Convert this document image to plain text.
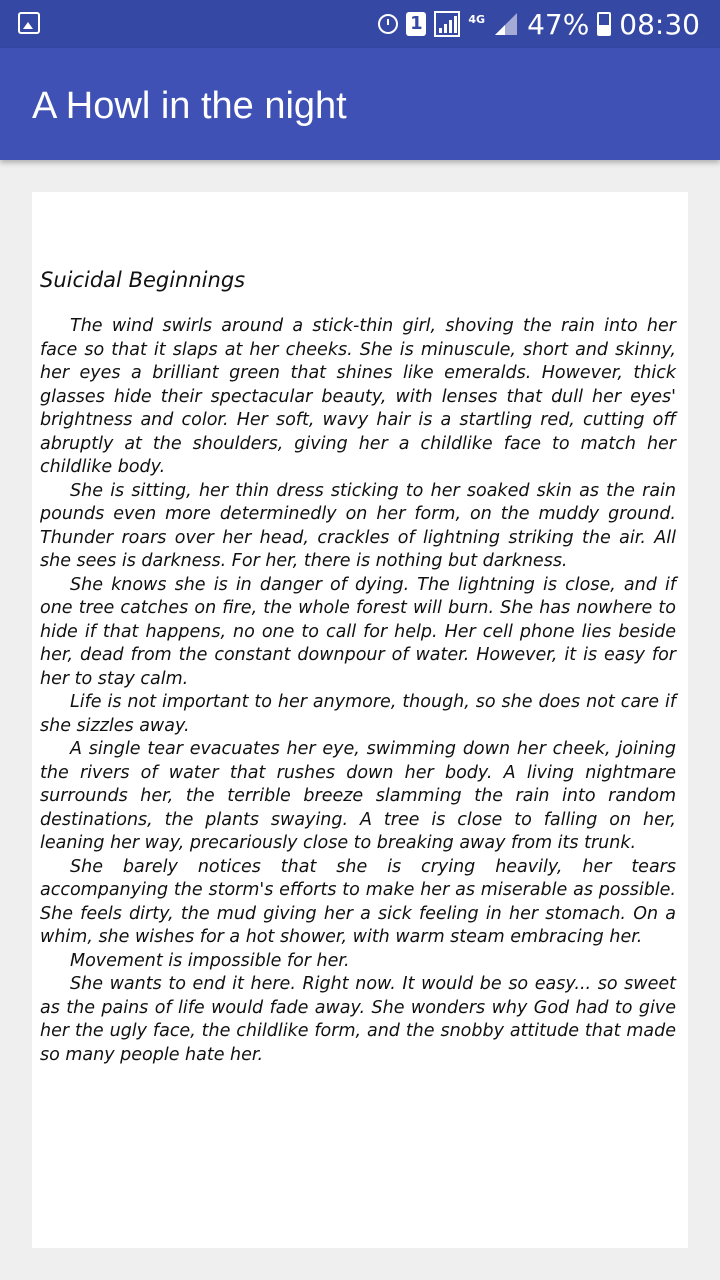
1	4G 47% 08:30
A Howl in the night
Suicidal Beginnings

The wind swirls around a stick-thin girl, shoving the rain into her face so that it slaps at her cheeks. She is minuscule, short and skinny, her eyes a brilliant green that shines like emeralds. However, thick glasses hide their spectacular beauty, with lenses that dull her eyes' brightness and color. Her soft, wavy hair is a startling red, cutting off abruptly at the shoulders, giving her a childlike face to match her childlike body.

She is sitting, her thin dress sticking to her soaked skin as the rain pounds even more determinedly on her form, on the muddy ground. Thunder roars over her head, crackles of lightning striking the air. All she sees is darkness. For her, there is nothing but darkness.

She knows she is in danger of dying. The lightning is close, and if one tree catches on fire, the whole forest will burn. She has nowhere to hide if that happens, no one to call for help. Her cell phone lies beside her, dead from the constant downpour of water. However, it is easy for her to stay calm.

Life is not important to her anymore, though, so she does not care if she sizzles away.

A single tear evacuates her eye, swimming down her cheek, joining the rivers of water that rushes down her body. A living nightmare surrounds her, the terrible breeze slamming the rain into random destinations, the plants swaying. A tree is close to falling on her, leaning her way, precariously close to breaking away from its trunk.

She barely notices that she is crying heavily, her tears accompanying the storm's efforts to make her as miserable as possible. She feels dirty, the mud giving her a sick feeling in her stomach. On a whim, she wishes for a hot shower, with warm steam embracing her.

Movement is impossible for her.

She wants to end it here. Right now. It would be so easy... so sweet as the pains of life would fade away. She wonders why God had to give her the ugly face, the childlike form, and the snobby attitude that made so many people hate her.
